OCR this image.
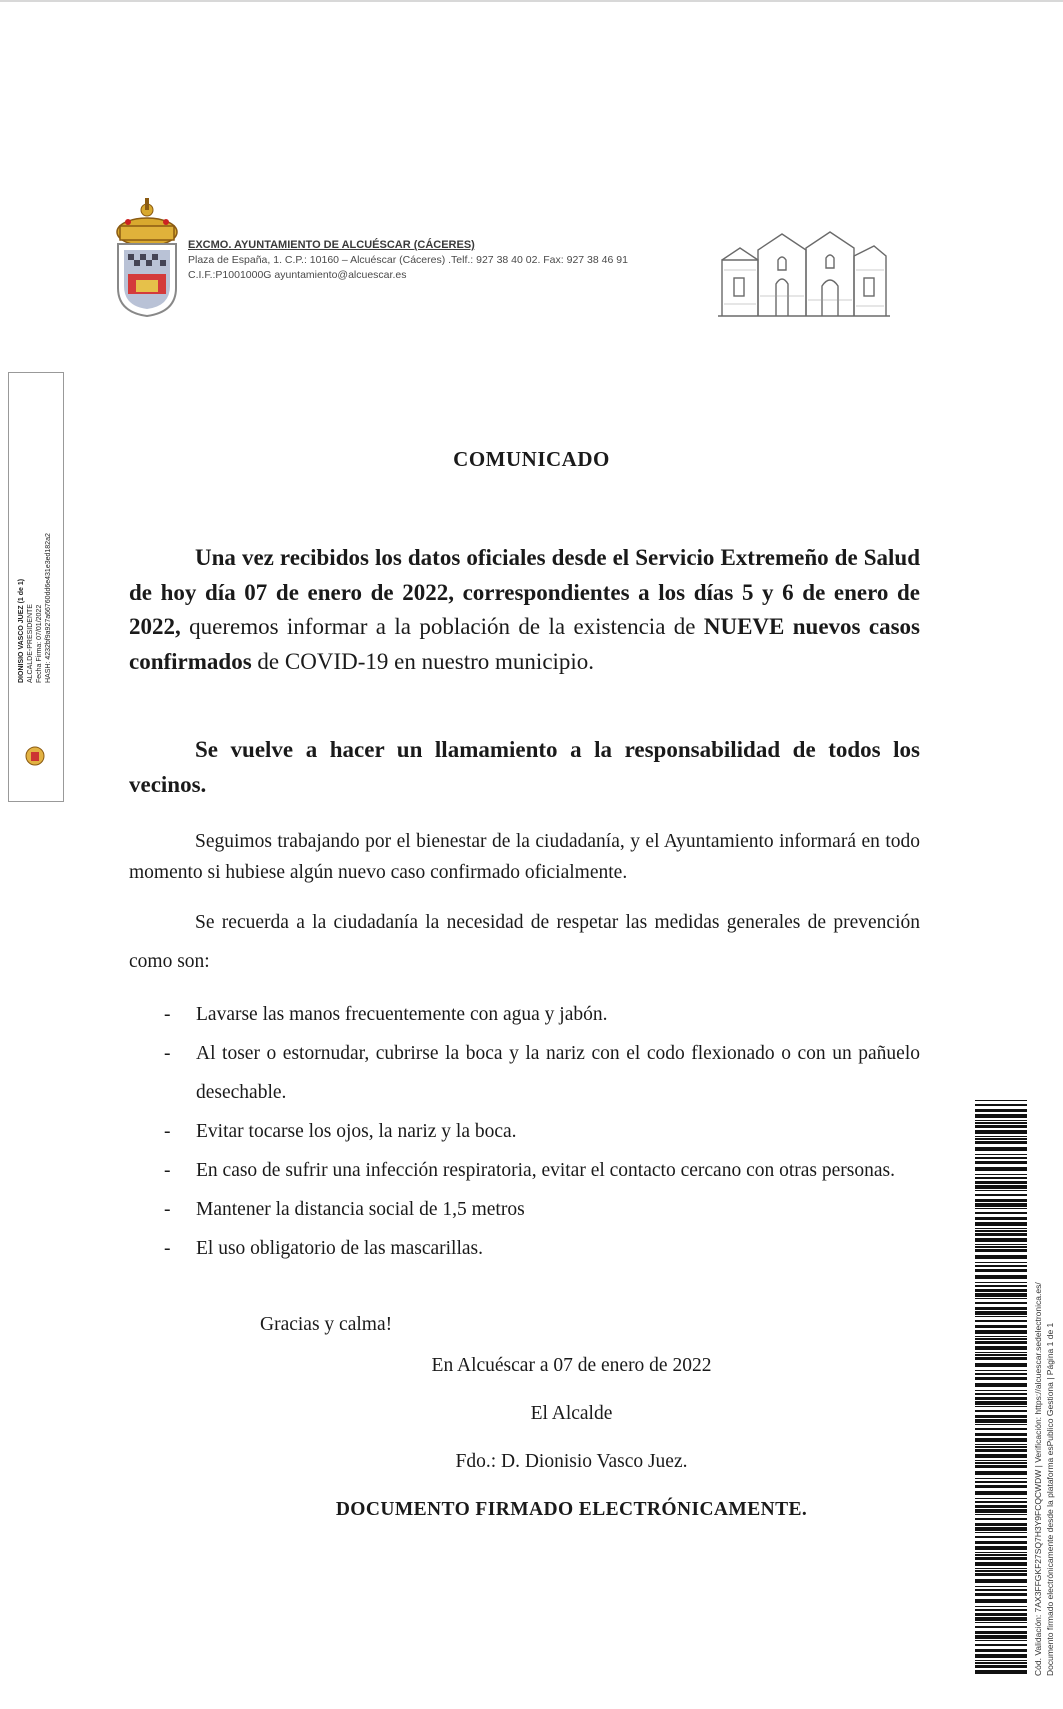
EXCMO. AYUNTAMIENTO DE ALCUÉSCAR (CÁCERES)
Plaza de España, 1. C.P.: 10160 – Alcuéscar (Cáceres) .Telf.: 927 38 40 02. Fax: 927 38 46 91
C.I.F.:P1001000G ayuntamiento@alcuescar.es
DIONISIO VASCO JUEZ (1 de 1) ALCALDE-PRESIDENTE Fecha Firma: 07/01/2022 HASH: 4232bf9a927a66760dd6e431e3ed182a2
COMUNICADO
Una vez recibidos los datos oficiales desde el Servicio Extremeño de Salud de hoy día 07 de enero de 2022, correspondientes a los días 5 y 6 de enero de 2022, queremos informar a la población de la existencia de NUEVE nuevos casos confirmados de COVID-19 en nuestro municipio.
Se vuelve a hacer un llamamiento a la responsabilidad de todos los vecinos.
Seguimos trabajando por el bienestar de la ciudadanía, y el Ayuntamiento informará en todo momento si hubiese algún nuevo caso confirmado oficialmente.
Se recuerda a la ciudadanía la necesidad de respetar las medidas generales de prevención como son:
- Lavarse las manos frecuentemente con agua y jabón.
- Al toser o estornudar, cubrirse la boca y la nariz con el codo flexionado o con un pañuelo desechable.
- Evitar tocarse los ojos, la nariz y la boca.
- En caso de sufrir una infección respiratoria, evitar el contacto cercano con otras personas.
- Mantener la distancia social de 1,5 metros
- El uso obligatorio de las mascarillas.
Gracias y calma!
En Alcuéscar a 07 de enero de 2022
El Alcalde
Fdo.: D. Dionisio Vasco Juez.
DOCUMENTO FIRMADO ELECTRÓNICAMENTE.	Cód. Validación: 7AX3FFGKF27SQ7H3Y9FCQCWDW | Verificación: https://alcuescar.sedelectronica.es/ Documento firmado electrónicamente desde la plataforma esPublico Gestiona | Página 1 de 1
